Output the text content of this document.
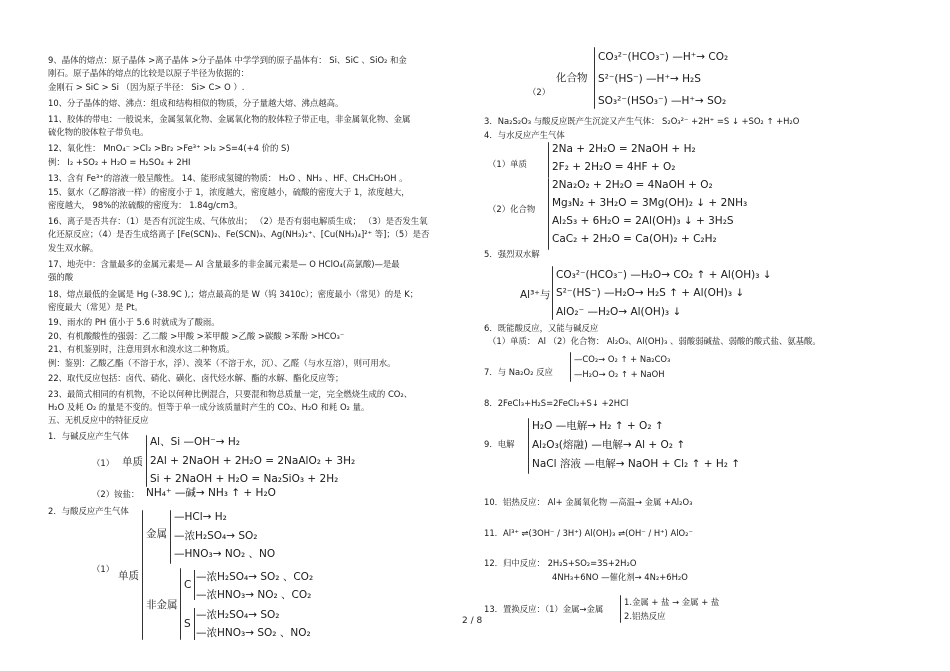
9、晶体的熔点：原子晶体 >离子晶体 >分子晶体 中学学到的原子晶体有： Si、SiC 、SiO₂ 和金
刚石。原子晶体的熔点的比较是以原子半径为依据的：
金刚石 > SiC > Si （因为原子半径： Si> C> O ）.
10、分子晶体的熔、沸点：组成和结构相似的物质，分子量越大熔、沸点越高。
11、胶体的带电：一般说来，金属氢氧化物、金属氧化物的胶体粒子带正电，非金属氧化物、金属
硫化物的胶体粒子带负电。
12、氧化性： MnO₄⁻ >Cl₂ >Br₂ >Fe³⁺ >I₂ >S=4(+4 价的 S)
例： I₂ +SO₂ + H₂O = H₂SO₄ + 2HI
13、含有 Fe³⁺的溶液一般呈酸性。 14、能形成氢键的物质： H₂O 、NH₃ 、HF、CH₃CH₂OH 。
15、氨水（乙醇溶液一样）的密度小于 1，浓度越大，密度越小，硫酸的密度大于 1，浓度越大，
密度越大， 98%的浓硫酸的密度为： 1.84g/cm3。
16、离子是否共存：（1）是否有沉淀生成、气体放出； （2）是否有弱电解质生成； （3）是否发生氧
化还原反应；（4）是否生成络离子 [Fe(SCN)₂、Fe(SCN)₃、Ag(NH₃)₂⁺、[Cu(NH₃)₄]²⁺ 等]；（5）是否
发生双水解。
17、地壳中：含量最多的金属元素是— Al 含量最多的非金属元素是— O HClO₄(高氯酸)—是最
强的酸
18、熔点最低的金属是 Hg (-38.9C ),；熔点最高的是 W（钨 3410c）；密度最小（常见）的是 K；
密度最大（常见）是 Pt。
19、雨水的 PH 值小于 5.6 时就成为了酸雨。
20、有机酸酸性的强弱：乙二酸 >甲酸 >苯甲酸 >乙酸 >碳酸 >苯酚 >HCO₃⁻
21、有机鉴别时，注意用到水和溴水这二种物质。
例：鉴别：乙酸乙酯（不溶于水，浮）、溴苯（不溶于水，沉）、乙醛（与水互溶），则可用水。
22、取代反应包括：卤代、硝化、磺化、卤代烃水解、酯的水解、酯化反应等；
23、最简式相同的有机物，不论以何种比例混合，只要混和物总质量一定，完全燃烧生成的 CO₂、
H₂O 及耗 O₂ 的量是不变的。恒等于单一成分该质量时产生的 CO₂、H₂O 和耗 O₂ 量。
五、无机反应中的特征反应
1．与碱反应产生气体
（1） 单质
Al、Si —OH⁻→ H₂
2Al + 2NaOH + 2H₂O = 2NaAlO₂ + 3H₂
Si + 2NaOH + H₂O = Na₂SiO₃ + 2H₂
（2）铵盐： NH₄⁺ —碱→ NH₃ ↑ + H₂O
2．与酸反应产生气体
（1）
单质
金属
—HCl→ H₂
—浓H₂SO₄→ SO₂
—HNO₃→ NO₂ 、NO
非金属
C
—浓H₂SO₄→ SO₂ 、CO₂
—浓HNO₃→ NO₂ 、CO₂
S
—浓H₂SO₄→ SO₂
—浓HNO₃→ SO₂ 、NO₂
（2）
化合物
CO₃²⁻(HCO₃⁻) —H⁺→ CO₂
S²⁻(HS⁻) —H⁺→ H₂S
SO₃²⁻(HSO₃⁻) —H⁺→ SO₂
3．Na₂S₂O₃ 与酸反应既产生沉淀又产生气体： S₂O₃²⁻ +2H⁺ =S ↓ +SO₂ ↑ +H₂O
4．与水反应产生气体
（1）单质
2Na + 2H₂O = 2NaOH + H₂
2F₂ + 2H₂O = 4HF + O₂
（2）化合物
2Na₂O₂ + 2H₂O = 4NaOH + O₂
Mg₃N₂ + 3H₂O = 3Mg(OH)₂ ↓ + 2NH₃
Al₂S₃ + 6H₂O = 2Al(OH)₃ ↓ + 3H₂S
CaC₂ + 2H₂O = Ca(OH)₂ + C₂H₂
5．强烈双水解
Al³⁺与
CO₃²⁻(HCO₃⁻) —H₂O→ CO₂ ↑ + Al(OH)₃ ↓
S²⁻(HS⁻) —H₂O→ H₂S ↑ + Al(OH)₃ ↓
AlO₂⁻ —H₂O→ Al(OH)₃ ↓
6．既能酸反应，又能与碱反应
（1）单质： Al （2）化合物： Al₂O₃、Al(OH)₃ 、弱酸弱碱盐、弱酸的酸式盐、氨基酸。
7．与 Na₂O₂ 反应
—CO₂→ O₂ ↑ + Na₂CO₃
—H₂O→ O₂ ↑ + NaOH
8．2FeCl₃+H₂S=2FeCl₂+S↓ +2HCl
9．电解
H₂O —电解→ H₂ ↑ + O₂ ↑
Al₂O₃(熔融) —电解→ Al + O₂ ↑
NaCl 溶液 —电解→ NaOH + Cl₂ ↑ + H₂ ↑
10．铝热反应： Al+ 金属氧化物 —高温→ 金属 +Al₂O₃
11．Al³⁺ ⇌(3OH⁻ / 3H⁺) Al(OH)₃ ⇌(OH⁻ / H⁺) AlO₂⁻
12．归中反应： 2H₂S+SO₂=3S+2H₂O
4NH₃+6NO —催化剂→ 4N₂+6H₂O
13．置换反应：（1）金属→金属
1.金属 + 盐 → 金属 + 盐
2.铝热反应
2 / 8
